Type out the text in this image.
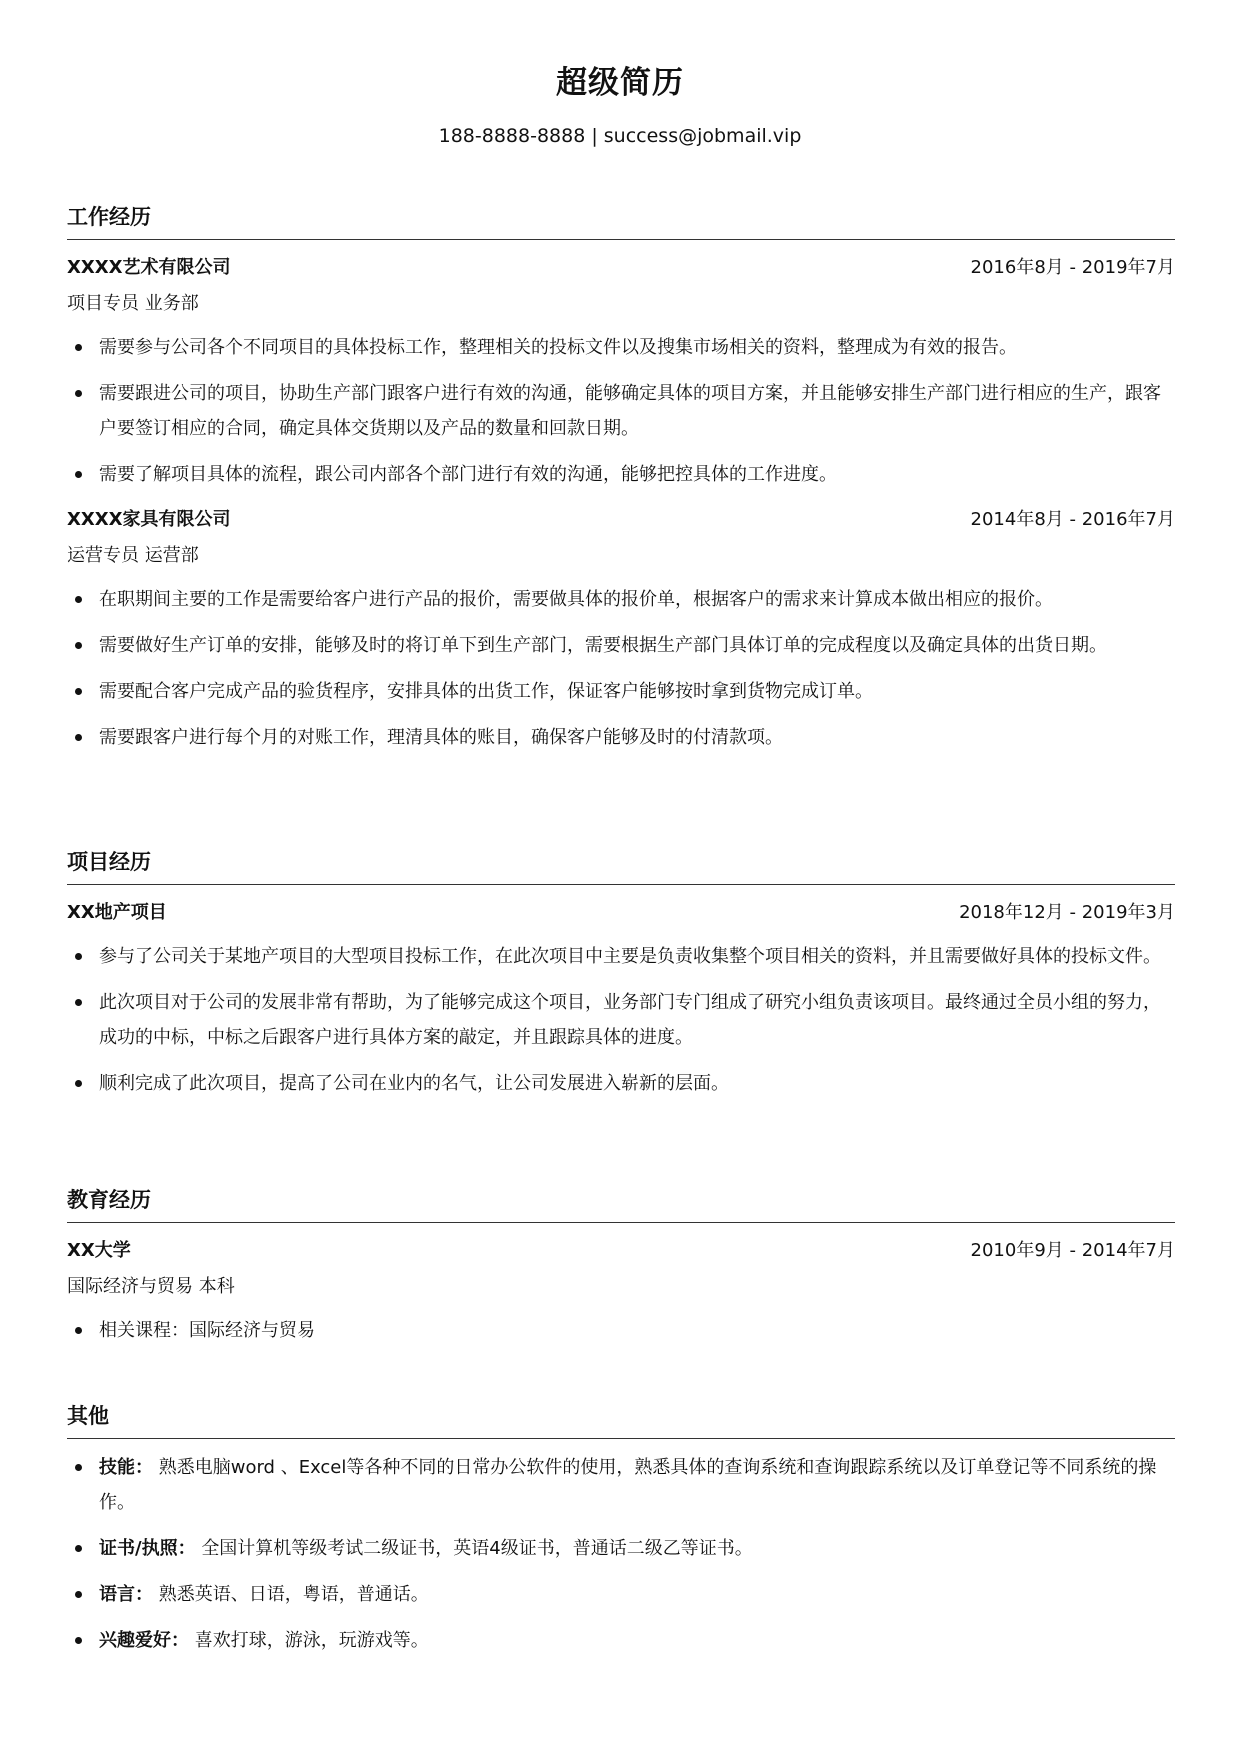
超级简历
188-8888-8888 | success@jobmail.vip
工作经历
XXXX艺术有限公司	2016年8月 - 2019年7月
项目专员 业务部
需要参与公司各个不同项目的具体投标工作，整理相关的投标文件以及搜集市场相关的资料，整理成为有效的报告。
需要跟进公司的项目，协助生产部门跟客户进行有效的沟通，能够确定具体的项目方案，并且能够安排生产部门进行相应的生产，跟客户要签订相应的合同，确定具体交货期以及产品的数量和回款日期。
需要了解项目具体的流程，跟公司内部各个部门进行有效的沟通，能够把控具体的工作进度。
XXXX家具有限公司	2014年8月 - 2016年7月
运营专员 运营部
在职期间主要的工作是需要给客户进行产品的报价，需要做具体的报价单，根据客户的需求来计算成本做出相应的报价。
需要做好生产订单的安排，能够及时的将订单下到生产部门，需要根据生产部门具体订单的完成程度以及确定具体的出货日期。
需要配合客户完成产品的验货程序，安排具体的出货工作，保证客户能够按时拿到货物完成订单。
需要跟客户进行每个月的对账工作，理清具体的账目，确保客户能够及时的付清款项。
项目经历
XX地产项目	2018年12月 - 2019年3月
参与了公司关于某地产项目的大型项目投标工作，在此次项目中主要是负责收集整个项目相关的资料，并且需要做好具体的投标文件。
此次项目对于公司的发展非常有帮助，为了能够完成这个项目，业务部门专门组成了研究小组负责该项目。最终通过全员小组的努力，成功的中标，中标之后跟客户进行具体方案的敲定，并且跟踪具体的进度。
顺利完成了此次项目，提高了公司在业内的名气，让公司发展进入崭新的层面。
教育经历
XX大学	2010年9月 - 2014年7月
国际经济与贸易 本科
相关课程：国际经济与贸易
其他
技能： 熟悉电脑word 、Excel等各种不同的日常办公软件的使用，熟悉具体的查询系统和查询跟踪系统以及订单登记等不同系统的操作。
证书/执照： 全国计算机等级考试二级证书，英语4级证书，普通话二级乙等证书。
语言： 熟悉英语、日语，粤语，普通话。
兴趣爱好： 喜欢打球，游泳，玩游戏等。
